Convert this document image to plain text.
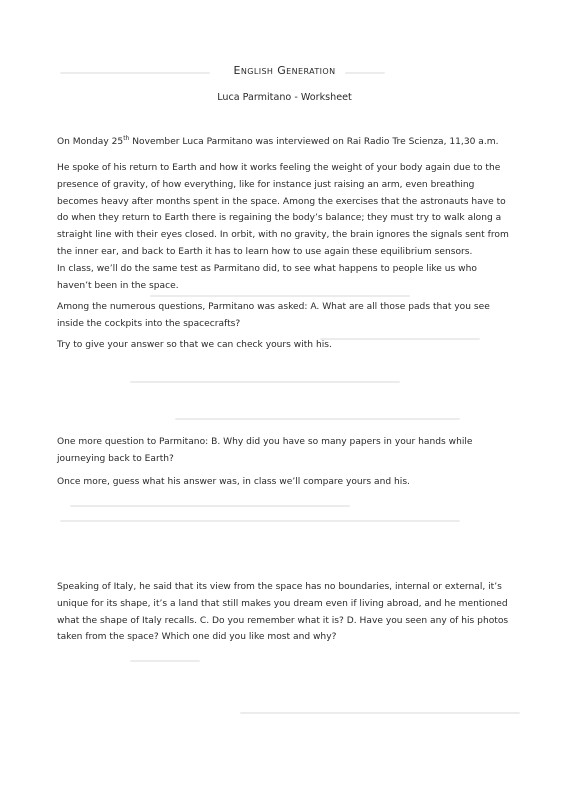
English Generation
Luca Parmitano - Worksheet

On Monday 25th November Luca Parmitano was interviewed on Rai Radio Tre Scienza, 11,30 a.m.

He spoke of his return to Earth and how it works feeling the weight of your body again due to the presence of gravity, of how everything, like for instance just raising an arm, even breathing becomes heavy after months spent in the space. Among the exercises that the astronauts have to do when they return to Earth there is regaining the body’s balance; they must try to walk along a straight line with their eyes closed. In orbit, with no gravity, the brain ignores the signals sent from the inner ear, and back to Earth it has to learn how to use again these equilibrium sensors.

In class, we’ll do the same test as Parmitano did, to see what happens to people like us who haven’t been in the space.

Among the numerous questions, Parmitano was asked: A. What are all those pads that you see inside the cockpits into the spacecrafts?

Try to give your answer so that we can check yours with his.

One more question to Parmitano: B. Why did you have so many papers in your hands while journeying back to Earth?

Once more, guess what his answer was, in class we’ll compare yours and his.

Speaking of Italy, he said that its view from the space has no boundaries, internal or external, it’s unique for its shape, it’s a land that still makes you dream even if living abroad, and he mentioned what the shape of Italy recalls. C. Do you remember what it is? D. Have you seen any of his photos taken from the space? Which one did you like most and why?
